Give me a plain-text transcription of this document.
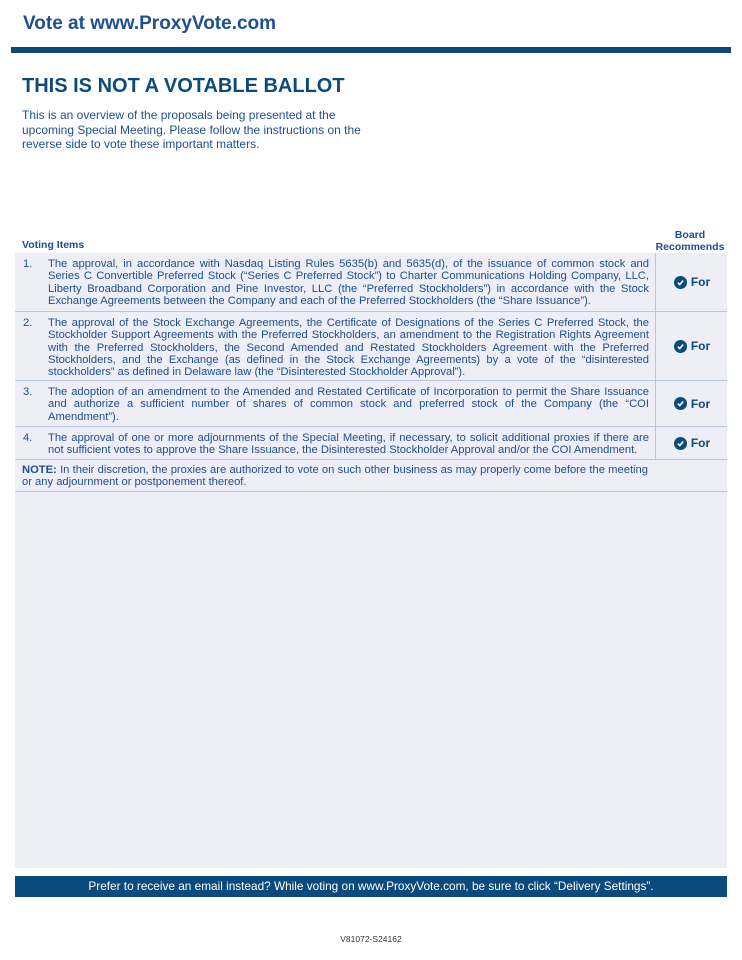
Vote at www.ProxyVote.com
THIS IS NOT A VOTABLE BALLOT
This is an overview of the proposals being presented at the upcoming Special Meeting. Please follow the instructions on the reverse side to vote these important matters.
Voting Items
Board
Recommends
1. The approval, in accordance with Nasdaq Listing Rules 5635(b) and 5635(d), of the issuance of common stock and Series C Convertible Preferred Stock (“Series C Preferred Stock”) to Charter Communications Holding Company, LLC, Liberty Broadband Corporation and Pine Investor, LLC (the “Preferred Stockholders”) in accordance with the Stock Exchange Agreements between the Company and each of the Preferred Stockholders (the “Share Issuance”).
For
2. The approval of the Stock Exchange Agreements, the Certificate of Designations of the Series C Preferred Stock, the Stockholder Support Agreements with the Preferred Stockholders, an amendment to the Registration Rights Agreement with the Preferred Stockholders, the Second Amended and Restated Stockholders Agreement with the Preferred Stockholders, and the Exchange (as defined in the Stock Exchange Agreements) by a vote of the “disinterested stockholders” as defined in Delaware law (the “Disinterested Stockholder Approval”).
For
3. The adoption of an amendment to the Amended and Restated Certificate of Incorporation to permit the Share Issuance and authorize a sufficient number of shares of common stock and preferred stock of the Company (the “COI Amendment”).
For
4. The approval of one or more adjournments of the Special Meeting, if necessary, to solicit additional proxies if there are not sufficient votes to approve the Share Issuance, the Disinterested Stockholder Approval and/or the COI Amendment.
For
NOTE: In their discretion, the proxies are authorized to vote on such other business as may properly come before the meeting or any adjournment or postponement thereof.
Prefer to receive an email instead? While voting on www.ProxyVote.com, be sure to click “Delivery Settings”.
V81072-S24162
